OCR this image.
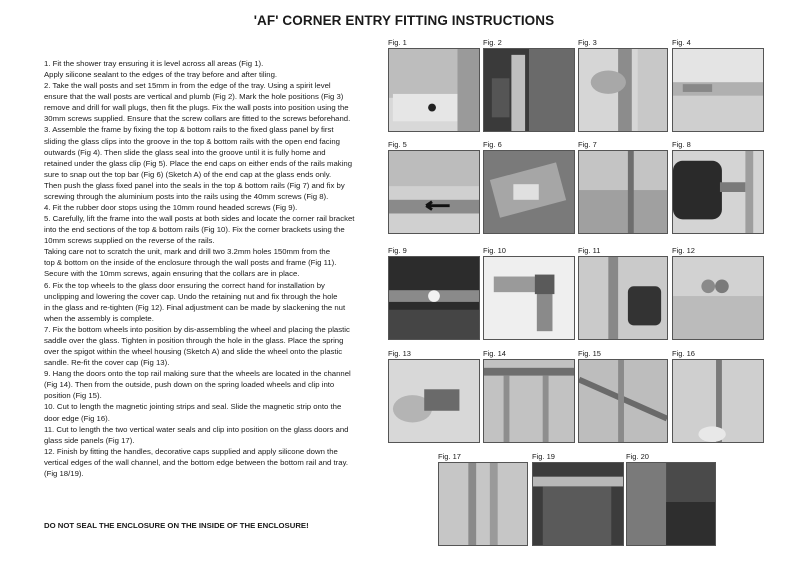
'AF' CORNER ENTRY FITTING INSTRUCTIONS

1. Fit the shower tray ensuring it is level across all areas (Fig 1).

Apply silicone sealant to the edges of the tray before and after tiling.

2. Take the wall posts and set 15mm in from the edge of the tray. Using a spirit level

ensure that the wall posts are vertical and plumb (Fig 2). Mark the hole positions (Fig 3)

remove and drill for wall plugs, then fit the plugs. Fix the wall posts into position using the

30mm screws supplied. Ensure that the screw collars are fitted to the screws beforehand.

3. Assemble the frame by fixing the top & bottom rails to the fixed glass panel by first

sliding the glass clips into the groove in the top & bottom rails with the open end facing

outwards (Fig 4). Then slide the glass seal into the groove until it is fully home and

retained under the glass clip (Fig 5). Place the end caps on either ends of the rails making

sure to snap out the top bar (Fig 6) (Sketch A) of the end cap at the glass ends only.

Then push the glass fixed panel into the seals in the top & bottom rails (Fig 7) and fix by

screwing through the aluminium posts into the rails using the 40mm screws (Fig 8).

4. Fit the rubber door stops using the 10mm round headed screws (Fig 9).

5. Carefully, lift the frame into the wall posts at both sides and locate the corner rail bracket

into the end sections of the top & bottom rails (Fig 10). Fix the corner brackets using the

10mm screws supplied on the reverse of the rails.

Taking care not to scratch the unit, mark and drill two 3.2mm holes 150mm from the

top & bottom on the inside of the enclosure through the wall posts and frame (Fig 11).

Secure with the 10mm screws, again ensuring that the collars are in place.

6. Fix the top wheels to the glass door ensuring the correct hand for installation by

unclipping and lowering the cover cap. Undo the retaining nut and fix through the hole

in the glass and re-tighten (Fig 12). Final adjustment can be made by slackening the nut

when the assembly is complete.

7. Fix the bottom wheels into position by dis-assembling the wheel and placing the plastic

saddle over the glass. Tighten in position through the hole in the glass. Place the spring

over the spigot within the wheel housing (Sketch A) and slide the wheel onto the plastic

sandle. Re-fit the cover cap (Fig 13).

9. Hang the doors onto the top rail making sure that the wheels are located in the channel

(Fig 14). Then from the outside, push down on the spring loaded wheels and clip into

position (Fig 15).

10. Cut to length the magnetic jointing strips and seal. Slide the magnetic strip onto the

door edge (Fig 16).

11. Cut to length the two vertical water seals and clip into position on the glass doors and

glass side panels (Fig 17).

12. Finish by fitting the handles, decorative caps supplied and apply silicone down the

vertical edges of the wall channel, and the bottom edge between the bottom rail and tray.

(Fig 18/19).

DO NOT SEAL THE ENCLOSURE ON THE INSIDE OF THE ENCLOSURE!
Fig. 1	Fig. 2	Fig. 3	Fig. 4
Fig. 5	Fig. 6	Fig. 7	Fig. 8
Fig. 9	Fig. 10	Fig. 11	Fig. 12
Fig. 13	Fig. 14	Fig. 15	Fig. 16
Fig. 17	Fig. 19	Fig. 20
